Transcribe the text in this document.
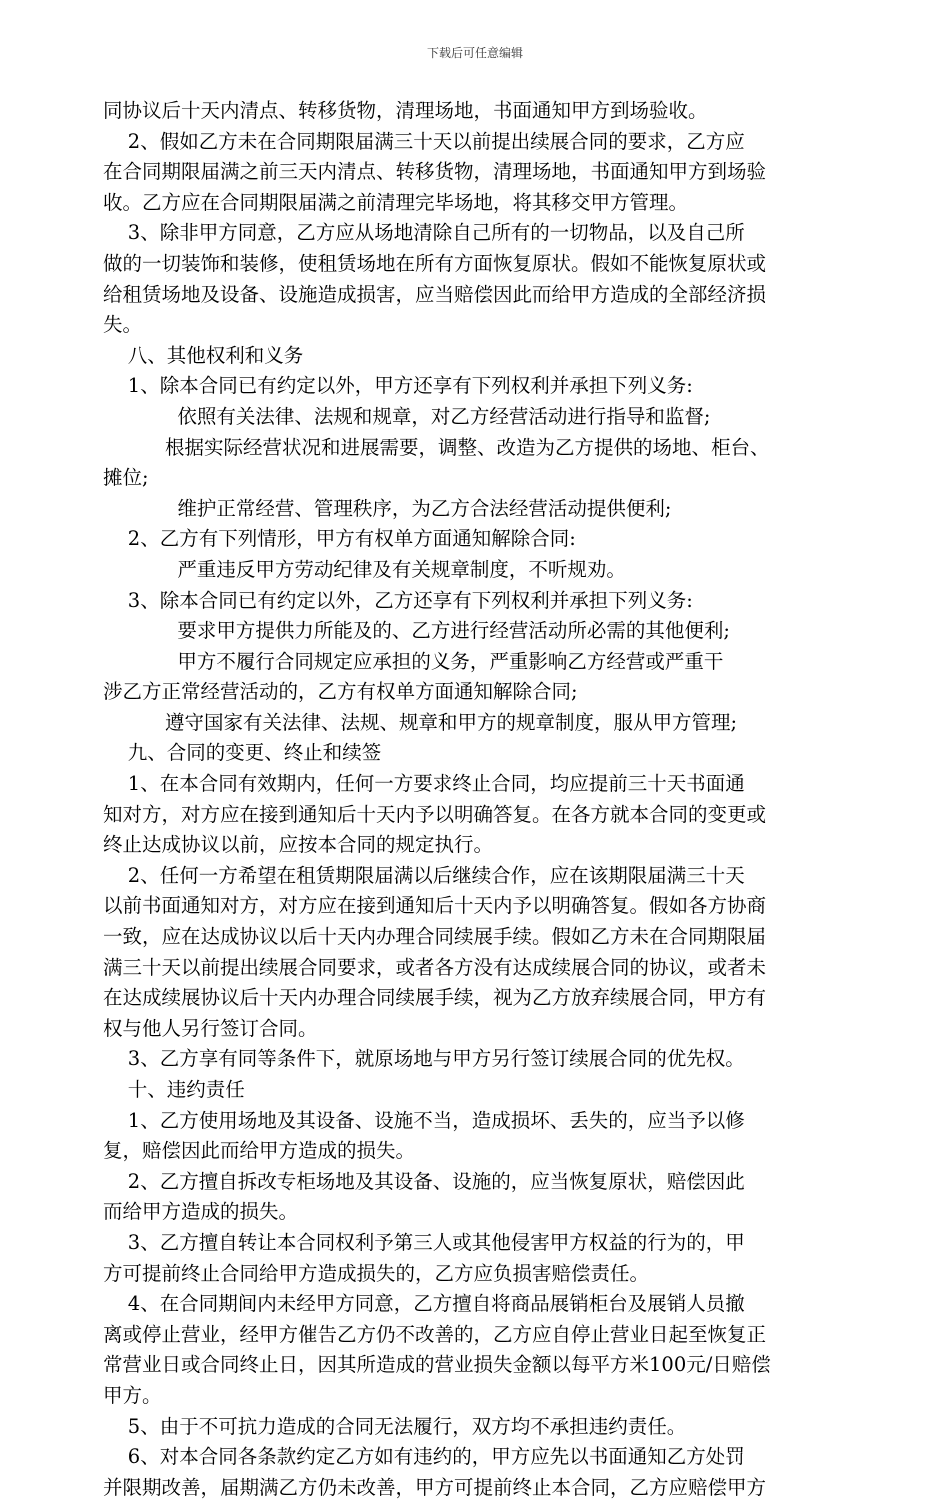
下载后可任意编辑
同协议后十天内清点、转移货物，清理场地，书面通知甲方到场验收。
2、假如乙方未在合同期限届满三十天以前提出续展合同的要求，乙方应
在合同期限届满之前三天内清点、转移货物，清理场地，书面通知甲方到场验
收。乙方应在合同期限届满之前清理完毕场地，将其移交甲方管理。
3、除非甲方同意，乙方应从场地清除自己所有的一切物品，以及自己所
做的一切装饰和装修，使租赁场地在所有方面恢复原状。假如不能恢复原状或
给租赁场地及设备、设施造成损害，应当赔偿因此而给甲方造成的全部经济损
失。
八、其他权利和义务
1、除本合同已有约定以外，甲方还享有下列权利并承担下列义务:
依照有关法律、法规和规章，对乙方经营活动进行指导和监督;
根据实际经营状况和进展需要，调整、改造为乙方提供的场地、柜台、
摊位;
维护正常经营、管理秩序，为乙方合法经营活动提供便利;
2、乙方有下列情形，甲方有权单方面通知解除合同:
严重违反甲方劳动纪律及有关规章制度，不听规劝。
3、除本合同已有约定以外，乙方还享有下列权利并承担下列义务:
要求甲方提供力所能及的、乙方进行经营活动所必需的其他便利;
甲方不履行合同规定应承担的义务，严重影响乙方经营或严重干
涉乙方正常经营活动的，乙方有权单方面通知解除合同;
遵守国家有关法律、法规、规章和甲方的规章制度，服从甲方管理;
九、合同的变更、终止和续签
1、在本合同有效期内，任何一方要求终止合同，均应提前三十天书面通
知对方，对方应在接到通知后十天内予以明确答复。在各方就本合同的变更或
终止达成协议以前，应按本合同的规定执行。
2、任何一方希望在租赁期限届满以后继续合作，应在该期限届满三十天
以前书面通知对方，对方应在接到通知后十天内予以明确答复。假如各方协商
一致，应在达成协议以后十天内办理合同续展手续。假如乙方未在合同期限届
满三十天以前提出续展合同要求，或者各方没有达成续展合同的协议，或者未
在达成续展协议后十天内办理合同续展手续，视为乙方放弃续展合同，甲方有
权与他人另行签订合同。
3、乙方享有同等条件下，就原场地与甲方另行签订续展合同的优先权。
十、违约责任
1、乙方使用场地及其设备、设施不当，造成损坏、丢失的，应当予以修
复，赔偿因此而给甲方造成的损失。
2、乙方擅自拆改专柜场地及其设备、设施的，应当恢复原状，赔偿因此
而给甲方造成的损失。
3、乙方擅自转让本合同权利予第三人或其他侵害甲方权益的行为的，甲
方可提前终止合同给甲方造成损失的，乙方应负损害赔偿责任。
4、在合同期间内未经甲方同意，乙方擅自将商品展销柜台及展销人员撤
离或停止营业，经甲方催告乙方仍不改善的，乙方应自停止营业日起至恢复正
常营业日或合同终止日，因其所造成的营业损失金额以每平方米100元/日赔偿
甲方。
5、由于不可抗力造成的合同无法履行，双方均不承担违约责任。
6、对本合同各条款约定乙方如有违约的，甲方应先以书面通知乙方处罚
并限期改善，届期满乙方仍未改善，甲方可提前终止本合同，乙方应赔偿甲方
